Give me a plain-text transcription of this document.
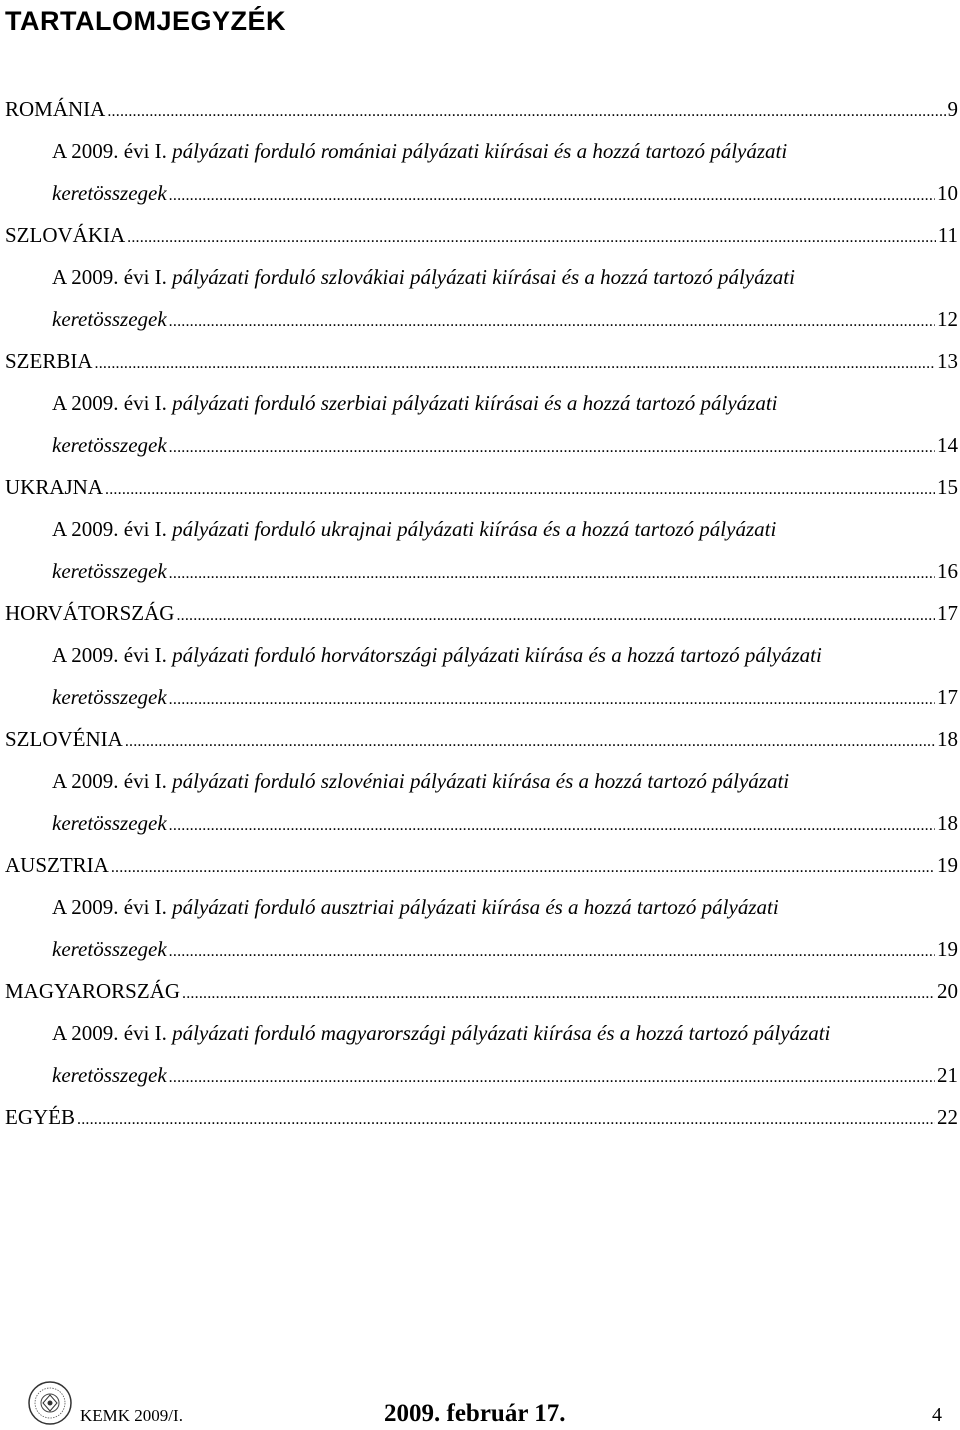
TARTALOMJEGYZÉK
ROMÁNIA .....	9
A 2009. évi I. pályázati forduló romániai pályázati kiírásai és a hozzá tartozó pályázati
keretösszegek .....	10
SZLOVÁKIA .....	11
A 2009. évi I. pályázati forduló szlovákiai pályázati kiírásai és a hozzá tartozó pályázati
keretösszegek .....	12
SZERBIA .....	13
A 2009. évi I. pályázati forduló szerbiai pályázati kiírásai és a hozzá tartozó pályázati
keretösszegek .....	14
UKRAJNA .....	15
A 2009. évi I. pályázati forduló ukrajnai pályázati kiírása és a hozzá tartozó pályázati
keretösszegek .....	16
HORVÁTORSZÁG .....	17
A 2009. évi I. pályázati forduló horvátországi pályázati kiírása és a hozzá tartozó pályázati
keretösszegek .....	17
SZLOVÉNIA .....	18
A 2009. évi I. pályázati forduló szlovéniai pályázati kiírása és a hozzá tartozó pályázati
keretösszegek .....	18
AUSZTRIA .....	19
A 2009. évi I. pályázati forduló ausztriai pályázati kiírása és a hozzá tartozó pályázati
keretösszegek .....	19
MAGYARORSZÁG .....	20
A 2009. évi I. pályázati forduló magyarországi pályázati kiírása és a hozzá tartozó pályázati
keretösszegek .....	21
EGYÉB .....	22
KEMK 2009/I.	2009. február 17.	4
